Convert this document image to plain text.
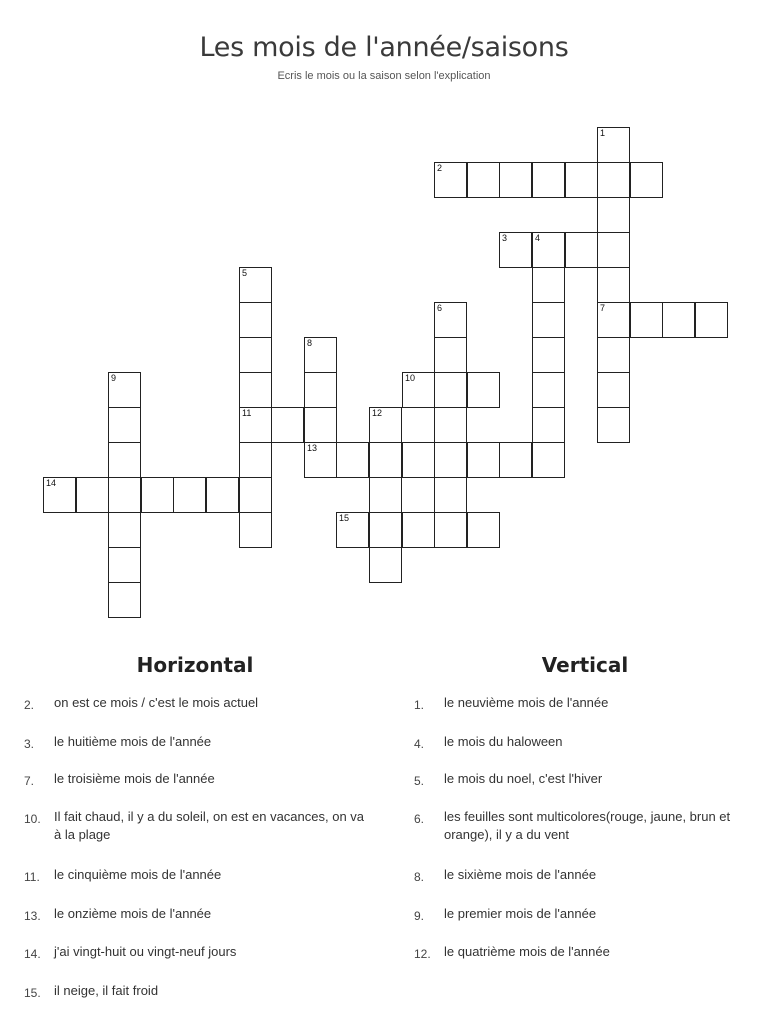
Les mois de l'année/saisons
Ecris le mois ou la saison selon l'explication
1
7
2
3	4
5
11
6
8
13
9	10
12
14
15
Horizontal	Vertical
2.	on est ce mois / c'est le mois actuel
3.	le huitième mois de l'année
7.	le troisième mois de l'année
10.	Il fait chaud, il y a du soleil, on est en vacances, on va à la plage
11.	le cinquième mois de l'année
13.	le onzième mois de l'année
14.	j'ai vingt-huit ou vingt-neuf jours
15.	il neige, il fait froid
1.	le neuvième mois de l'année
4.	le mois du haloween
5.	le mois du noel, c'est l'hiver
6.	les feuilles sont multicolores(rouge, jaune, brun et orange), il y a du vent
8.	le sixième mois de l'année
9.	le premier mois de l'année
12.	le quatrième mois de l'année
